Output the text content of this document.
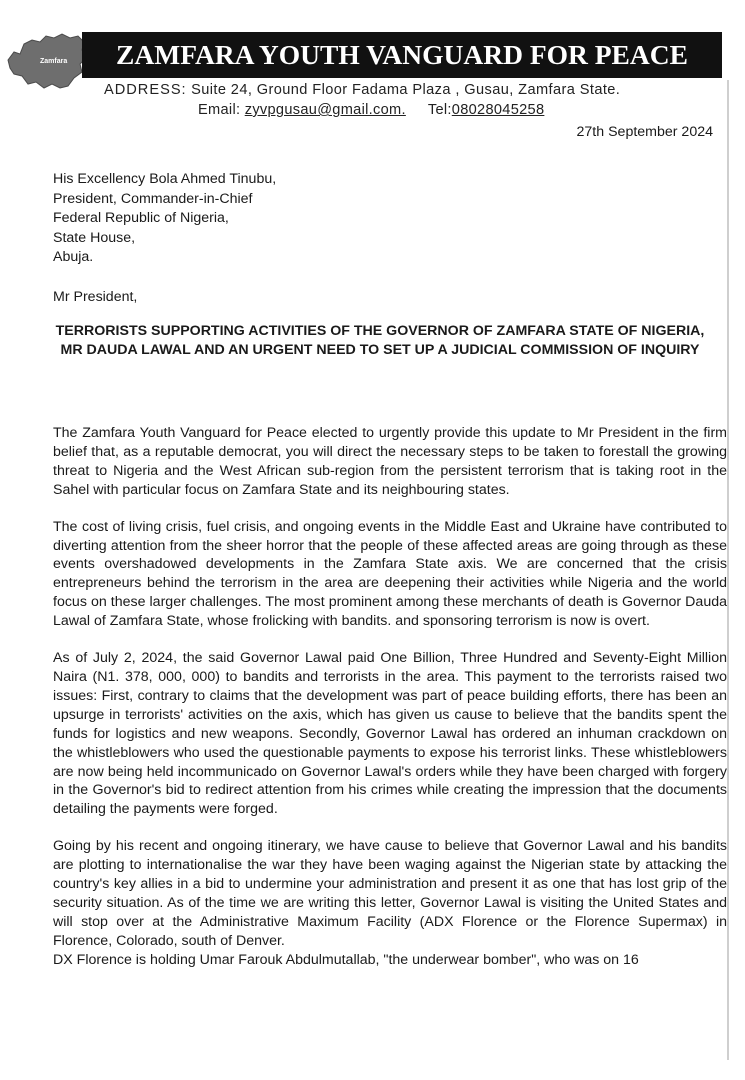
Zamfara	ZAMFARA YOUTH VANGUARD FOR PEACE
ADDRESS: Suite 24, Ground Floor Fadama Plaza , Gusau, Zamfara State.
Email: zyvpgusau@gmail.com. Tel:08028045258
27th September 2024
His Excellency Bola Ahmed Tinubu,
President, Commander-in-Chief
Federal Republic of Nigeria,
State House,
Abuja.
Mr President,
TERRORISTS SUPPORTING ACTIVITIES OF THE GOVERNOR OF ZAMFARA STATE OF NIGERIA, MR DAUDA LAWAL AND AN URGENT NEED TO SET UP A JUDICIAL COMMISSION OF INQUIRY

The Zamfara Youth Vanguard for Peace elected to urgently provide this update to Mr President in the firm belief that, as a reputable democrat, you will direct the necessary steps to be taken to forestall the growing threat to Nigeria and the West African sub-region from the persistent terrorism that is taking root in the Sahel with particular focus on Zamfara State and its neighbouring states.

The cost of living crisis, fuel crisis, and ongoing events in the Middle East and Ukraine have contributed to diverting attention from the sheer horror that the people of these affected areas are going through as these events overshadowed developments in the Zamfara State axis. We are concerned that the crisis entrepreneurs behind the terrorism in the area are deepening their activities while Nigeria and the world focus on these larger challenges. The most prominent among these merchants of death is Governor Dauda Lawal of Zamfara State, whose frolicking with bandits. and sponsoring terrorism is now is overt.

As of July 2, 2024, the said Governor Lawal paid One Billion, Three Hundred and Seventy-Eight Million Naira (N1. 378, 000, 000) to bandits and terrorists in the area. This payment to the terrorists raised two issues: First, contrary to claims that the development was part of peace building efforts, there has been an upsurge in terrorists' activities on the axis, which has given us cause to believe that the bandits spent the funds for logistics and new weapons. Secondly, Governor Lawal has ordered an inhuman crackdown on the whistleblowers who used the questionable payments to expose his terrorist links. These whistleblowers are now being held incommunicado on Governor Lawal's orders while they have been charged with forgery in the Governor's bid to redirect attention from his crimes while creating the impression that the documents detailing the payments were forged.

Going by his recent and ongoing itinerary, we have cause to believe that Governor Lawal and his bandits are plotting to internationalise the war they have been waging against the Nigerian state by attacking the country's key allies in a bid to undermine your administration and present it as one that has lost grip of the security situation. As of the time we are writing this letter, Governor Lawal is visiting the United States and will stop over at the Administrative Maximum Facility (ADX Florence or the Florence Supermax) in Florence, Colorado, south of Denver.

DX Florence is holding Umar Farouk Abdulmutallab, "the underwear bomber", who was on 16
